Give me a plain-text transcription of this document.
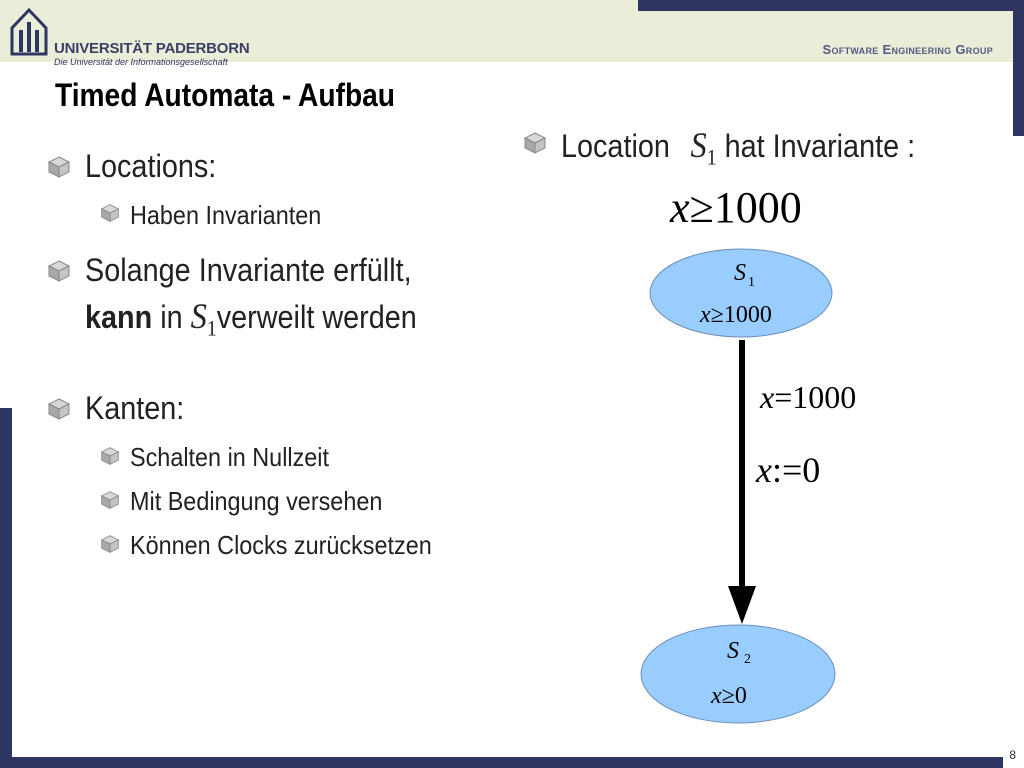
UNIVERSITÄT PADERBORN
Die Universität der Informationsgesellschaft
Software Engineering Group
Timed Automata - Aufbau
Locations:
Haben Invarianten
Solange Invariante erfüllt,
kann in $S_1verweilt$ werden
Kanten:
Schalten in Nullzeit
Mit Bedingung versehen
Können Clocks zurücksetzen
Location $S_1$ hat Invariante :
x≥1000
S 1
x≥1000
x=1000
x:=0
S 2
x≥0
8
